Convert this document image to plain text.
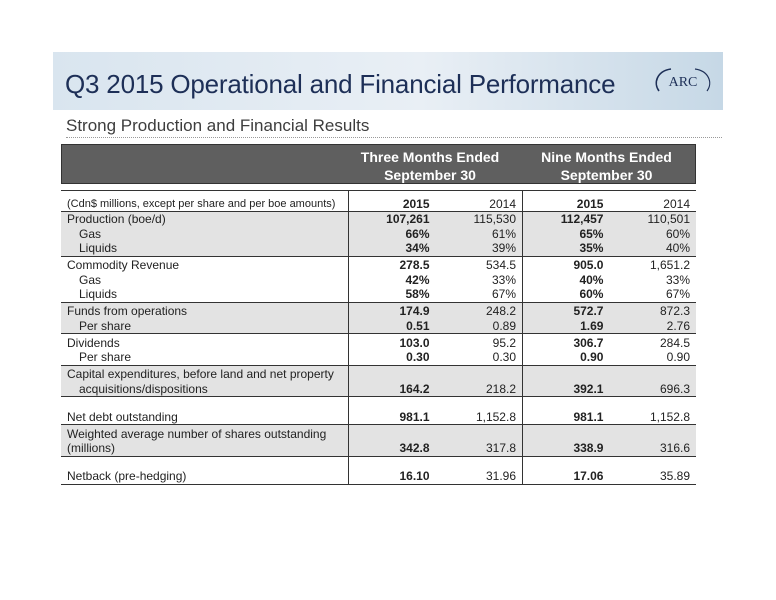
Q3 2015 Operational and Financial Performance	ARC
Strong Production and Financial Results
Three Months Ended
September 30
Nine Months Ended
September 30
(Cdn$ millions, except per share and per boe amounts)	2015	2014	2015	2014
Production (boe/d)	107,261	115,530	112,457	110,501
Gas	66%	61%	65%	60%
Liquids	34%	39%	35%	40%
Commodity Revenue	278.5	534.5	905.0	1,651.2
Gas	42%	33%	40%	33%
Liquids	58%	67%	60%	67%
Funds from operations	174.9	248.2	572.7	872.3
Per share	0.51	0.89	1.69	2.76
Dividends	103.0	95.2	306.7	284.5
Per share	0.30	0.30	0.90	0.90
Capital expenditures, before land and net property				
acquisitions/dispositions	164.2	218.2	392.1	696.3
Net debt outstanding	981.1	1,152.8	981.1	1,152.8
Weighted average number of shares outstanding				
(millions)	342.8	317.8	338.9	316.6
Netback (pre-hedging)	16.10	31.96	17.06	35.89
